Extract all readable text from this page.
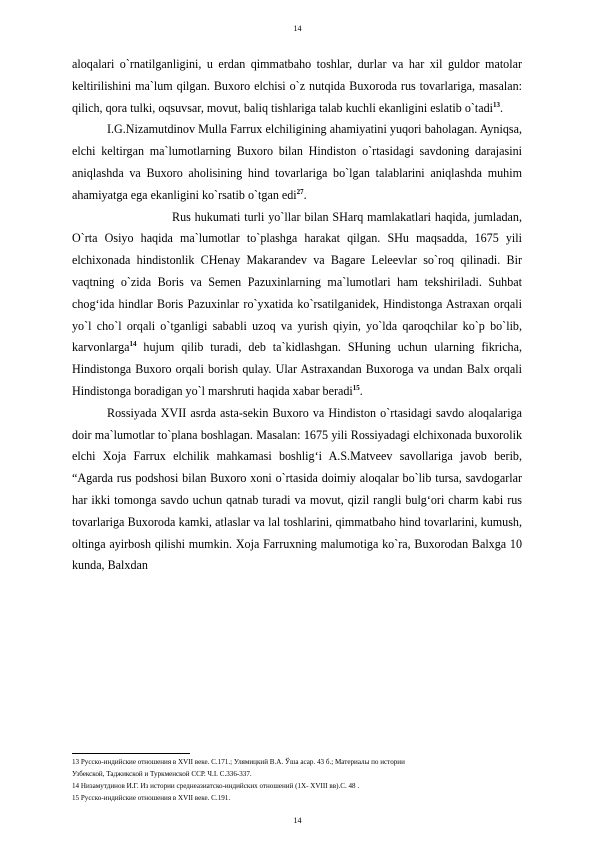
14

aloqalari o`rnatilganligini, u erdan qimmatbaho toshlar, durlar va har xil guldor matolar keltirilishini ma`lum qilgan. Buxoro elchisi o`z nutqida Buxoroda rus tovarlariga, masalan: qilich, qora tulki, oqsuvsar, movut, baliq tishlariga talab kuchli ekanligini eslatib o`tadi$^{13}$.

I.G.Nizamutdinov Mulla Farrux elchiligining ahamiyatini yuqori baholagan. Ayniqsa, elchi keltirgan ma`lumotlarning Buxoro bilan Hindiston o`rtasidagi savdoning darajasini aniqlashda va Buxoro aholisining hind tovarlariga bo`lgan talablarini aniqlashda muhim ahamiyatga ega ekanligini ko`rsatib o`tgan edi$^{27}$.

Rus hukumati turli yo`llar bilan SHarq mamlakatlari haqida, jumladan, O`rta Osiyo haqida ma`lumotlar to`plashga harakat qilgan. SHu maqsadda, 1675 yili elchixonada hindistonlik CHenay Makarandev va Bagare Leleevlar so`roq qilinadi. Bir vaqtning o`zida Boris va Semen Pazuxinlarning ma`lumotlari ham tekshiriladi. Suhbat chog‘ida hindlar Boris Pazuxinlar ro`yxatida ko`rsatilganidek, Hindistonga Astraxan orqali yo`l cho`l orqali o`tganligi sababli uzoq va yurish qiyin, yo`lda qaroqchilar ko`p bo`lib, karvonlarga$^{14}$ hujum qilib turadi, deb ta`kidlashgan. SHuning uchun ularning fikricha, Hindistonga Buxoro orqali borish qulay. Ular Astraxandan Buxoroga va undan Balx orqali Hindistonga boradigan yo`l marshruti haqida xabar beradi$^{15}$.

Rossiyada XVII asrda asta-sekin Buxoro va Hindiston o`rtasidagi savdo aloqalariga doir ma`lumotlar to`plana boshlagan. Masalan: 1675 yili Rossiyadagi elchixonada buxorolik elchi Xoja Farrux elchilik mahkamasi boshlig‘i A.S.Matveev savollariga javob berib, “Agarda rus podshosi bilan Buxoro xoni o`rtasida doimiy aloqalar bo`lib tursa, savdogarlar har ikki tomonga savdo uchun qatnab turadi va movut, qizil rangli bulg‘ori charm kabi rus tovarlariga Buxoroda kamki, atlaslar va lal toshlarini, qimmatbaho hind tovarlarini, kumush, oltinga ayirbosh qilishi mumkin. Xoja Farruxning malumotiga ko`ra, Buxorodan Balxga 10 kunda, Balxdan

13 Русско-индийские отношения в XVII веке. С.171.; Улямицкий В.А. Ўша асар. 43 б.; Материалы по истории
Узбекской, Таджикской и Туркменской ССР. Ч.I. С.336-337.
14 Низамутдинов И.Г. Из истории среднеазиатско-индийских отношений (1Х- XVIII вв).С. 48 .
15 Русско-индийские отношения в XVII веке. С.191.
14
